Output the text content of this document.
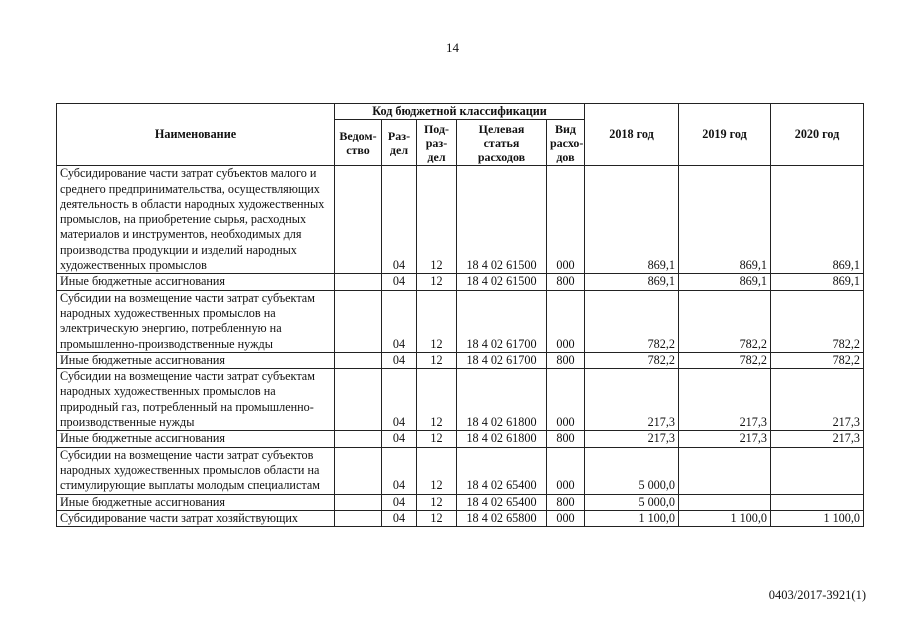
14
Наименование	Код бюджетной классификации					2018 год	2019 год	2020 год
	Ведом-ство	Раз-дел	Под-раз-дел	Целевая статья расходов	Вид расхо-дов			
Субсидирование части затрат субъектов малого и среднего предпринимательства, осуществляющих деятельность в области народных художественных промыслов, на приобретение сырья, расходных материалов и инструментов, необходимых для производства продукции и изделий народных художественных промыслов		04	12	18 4 02 61500	000	869,1	869,1	869,1
Иные бюджетные ассигнования		04	12	18 4 02 61500	800	869,1	869,1	869,1
Субсидии на возмещение части затрат субъектам народных художественных промыслов на электрическую энергию, потребленную на промышленно-производственные нужды		04	12	18 4 02 61700	000	782,2	782,2	782,2
Иные бюджетные ассигнования		04	12	18 4 02 61700	800	782,2	782,2	782,2
Субсидии на возмещение части затрат субъектам народных художественных промыслов на природный газ, потребленный на промышленно-производственные нужды		04	12	18 4 02 61800	000	217,3	217,3	217,3
Иные бюджетные ассигнования		04	12	18 4 02 61800	800	217,3	217,3	217,3
Субсидии на возмещение части затрат субъектов народных художественных промыслов области на стимулирующие выплаты молодым специалистам		04	12	18 4 02 65400	000	5 000,0		
Иные бюджетные ассигнования		04	12	18 4 02 65400	800	5 000,0		
Субсидирование части затрат хозяйствующих		04	12	18 4 02 65800	000	1 100,0	1 100,0	1 100,0
0403/2017-3921(1)
